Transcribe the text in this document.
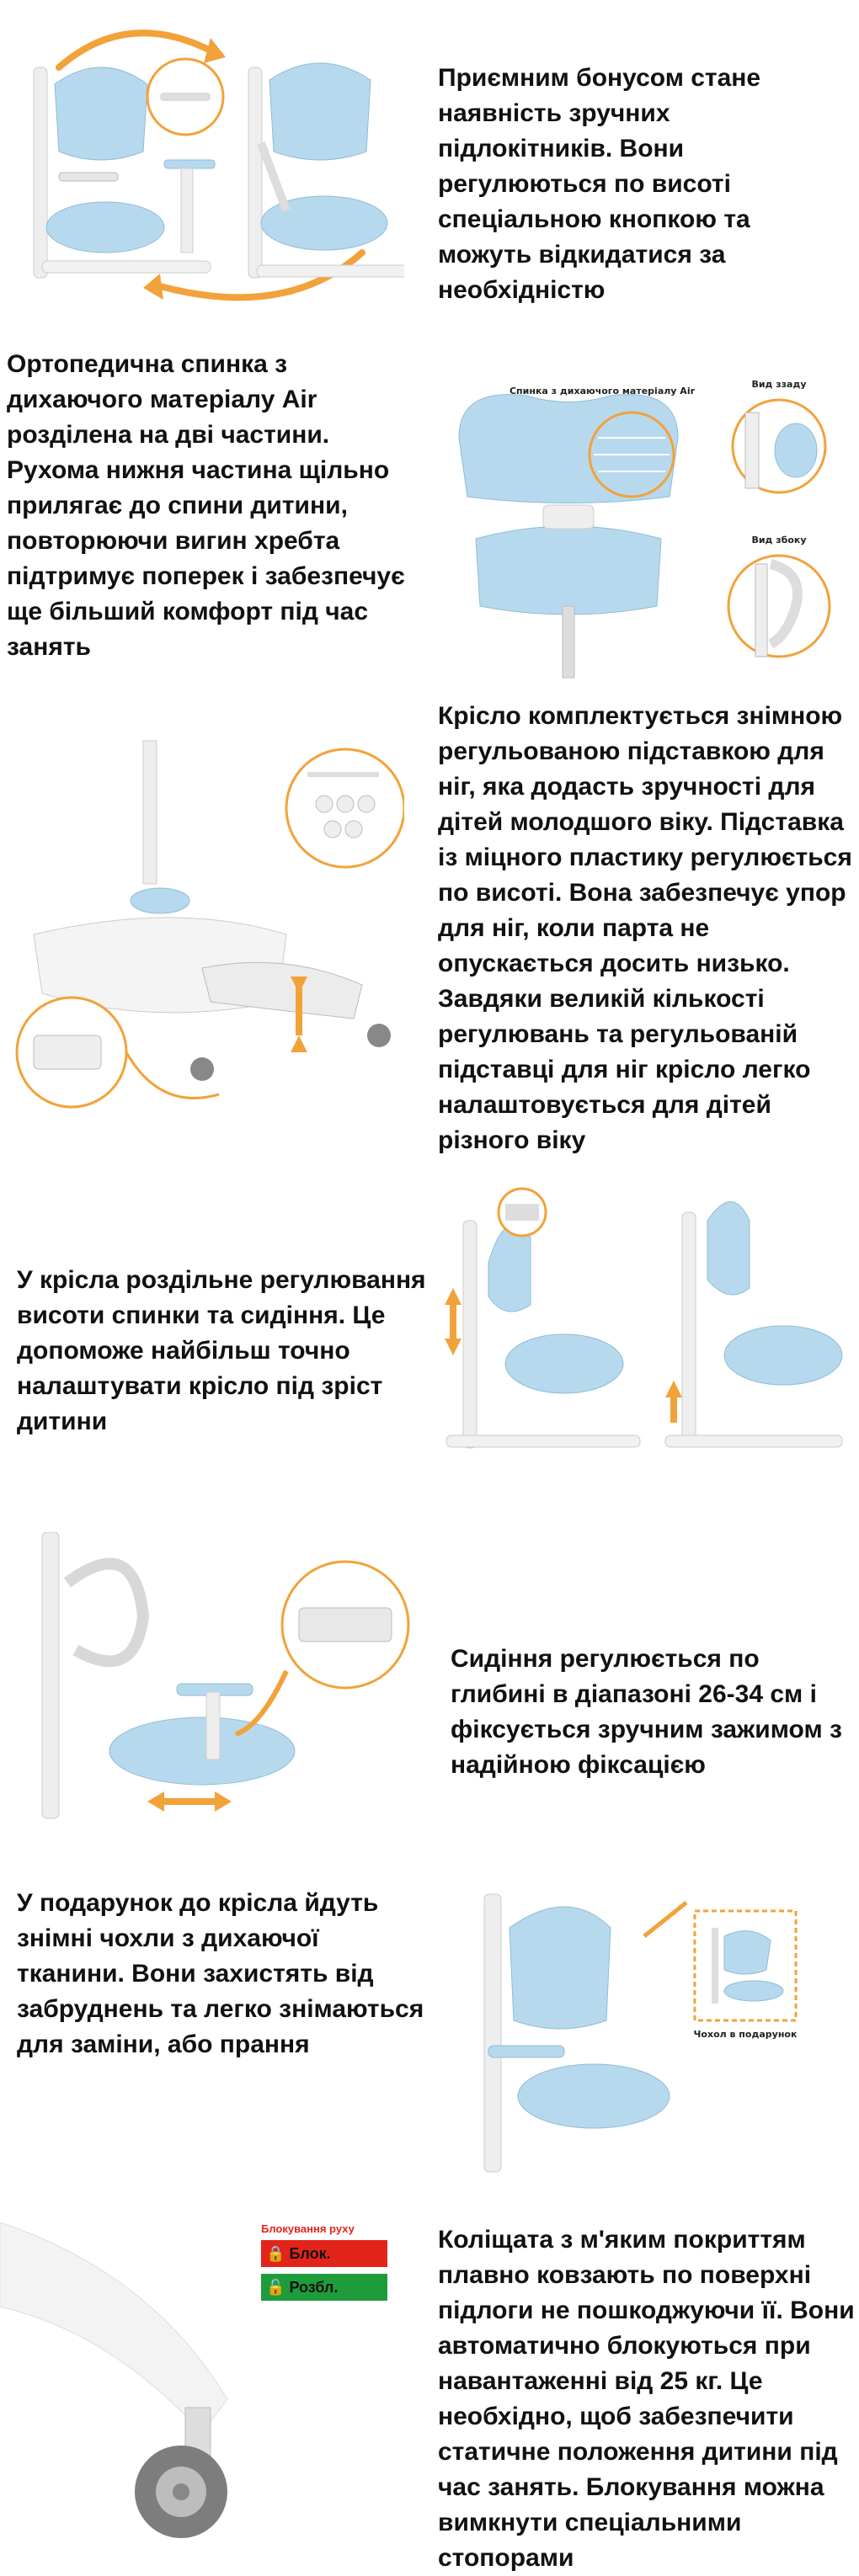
Приємним бонусом стане наявність зручних підлокітників. Вони регулюються по висоті спеціальною кнопкою та можуть відкидатися за необхідністю
Ортопедична спинка з дихаючого матеріалу Air розділена на дві частини. Рухома нижня частина щільно прилягає до спини дитини, повторюючи вигин хребта підтримує поперек і забезпечує ще більший комфорт під час занять
Спинка з дихаючого матеріалу Air
Вид ззаду
Вид збоку
Крісло комплектується знімною регульованою підставкою для ніг, яка додасть зручності для дітей молодшого віку. Підставка із міцного пластику регулюється по висоті. Вона забезпечує упор для ніг, коли парта не опускається досить низько. Завдяки великій кількості регулювань та регульованій підставці для ніг крісло легко налаштовується для дітей різного віку
У крісла роздільне регулювання висоти спинки та сидіння. Це допоможе найбільш точно налаштувати крісло під зріст дитини
Сидіння регулюється по глибині в діапазоні 26-34 см і фіксується зручним зажимом з надійною фіксацією
У подарунок до крісла йдуть знімні чохли з дихаючої тканини. Вони захистять від забруднень та легко знімаються для заміни, або прання	Чохол в подарунок
Блокування руху
🔒 Блок.
🔓 Розбл.
Коліщата з м'яким покриттям плавно ковзають по поверхні підлоги не пошкоджуючи її. Вони автоматично блокуються при навантаженні від 25 кг. Це необхідно, щоб забезпечити статичне положення дитини під час занять. Блокування можна вимкнути спеціальними стопорами
